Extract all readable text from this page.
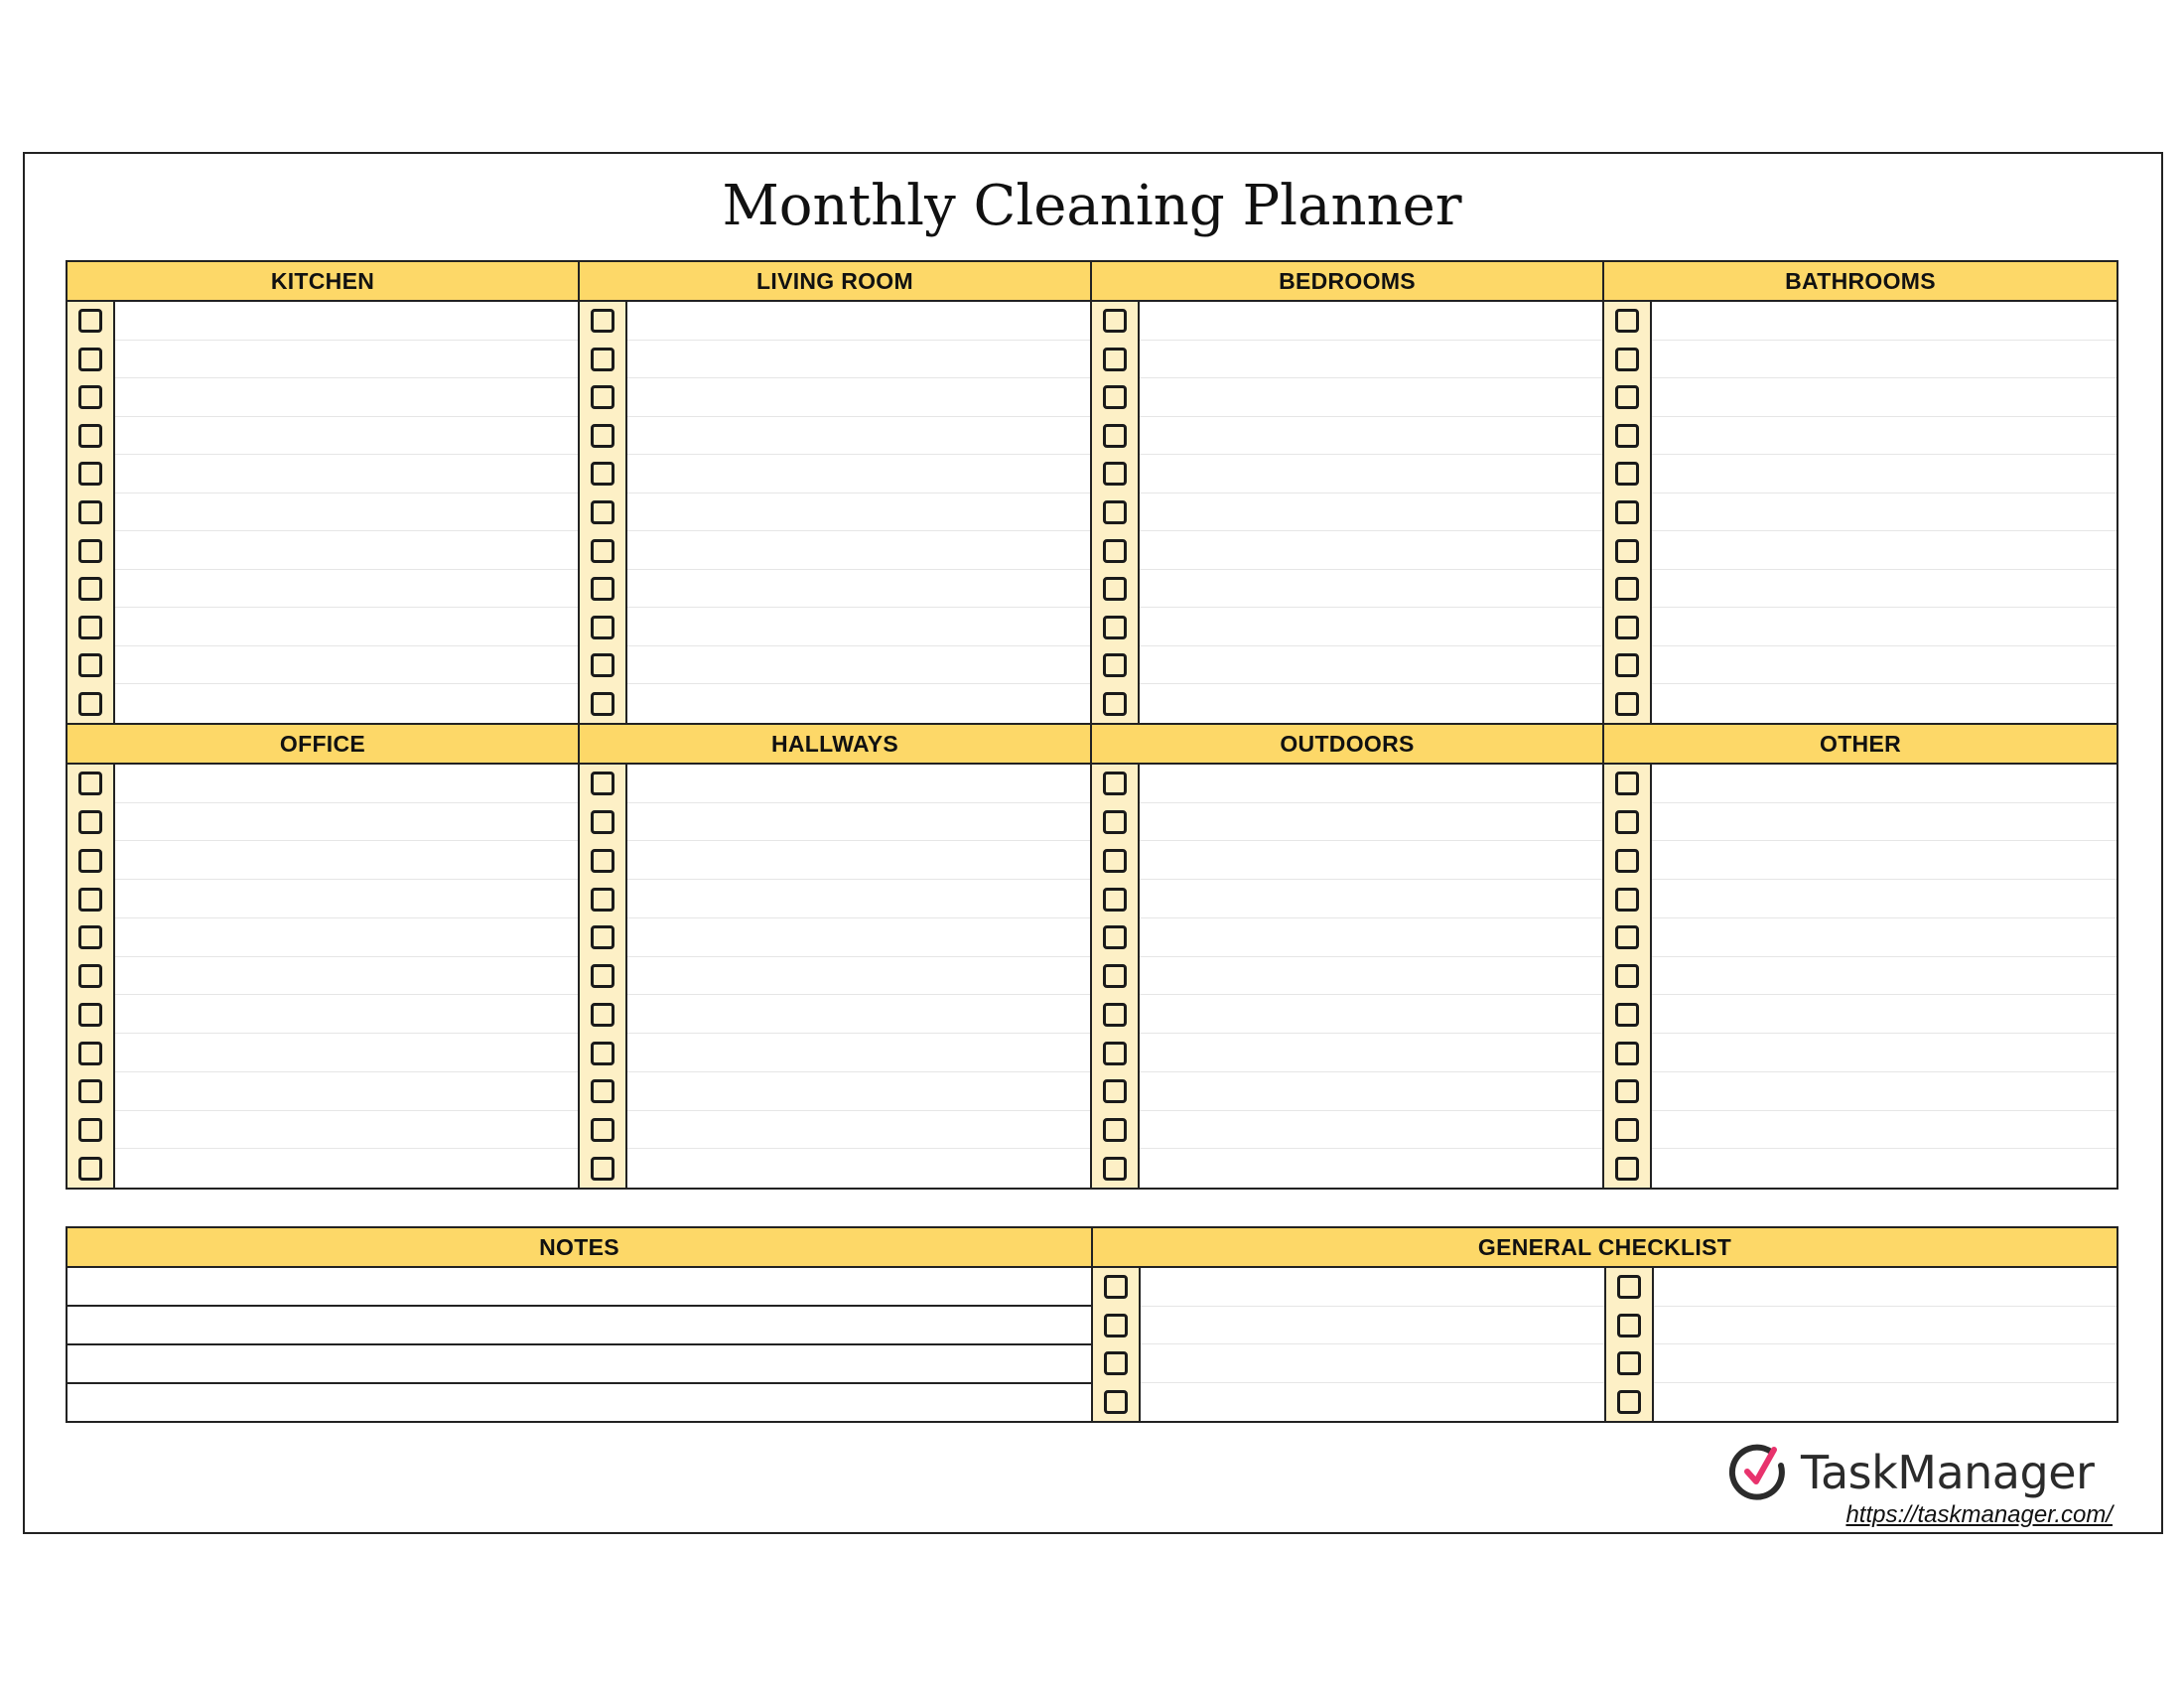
Monthly Cleaning Planner
KITCHEN	LIVING ROOM	BEDROOMS	BATHROOMS
OFFICE	HALLWAYS	OUTDOORS	OTHER
NOTES	GENERAL CHECKLIST
TaskManager
https://taskmanager.com/
